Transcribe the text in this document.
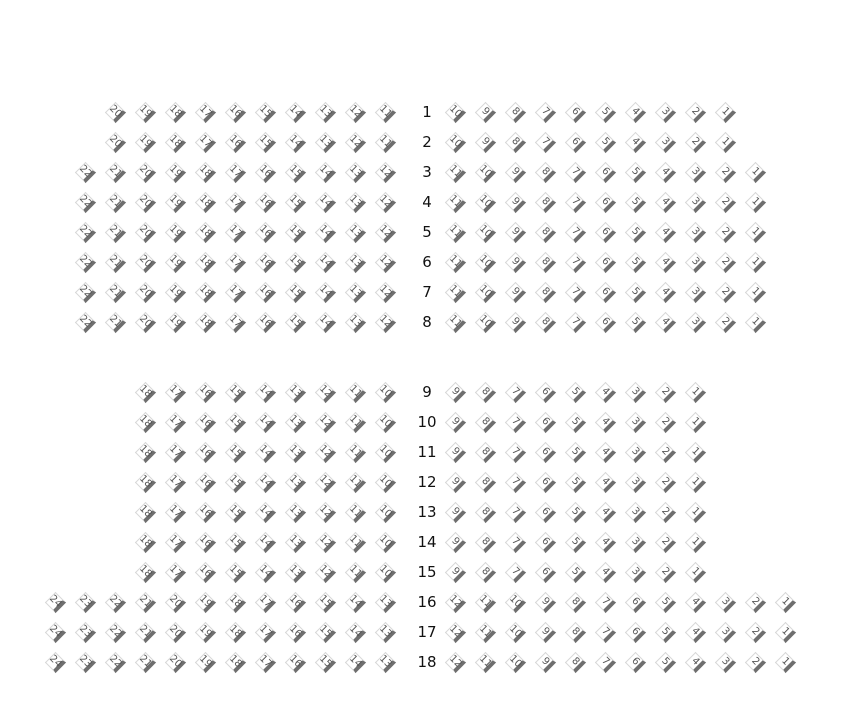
1
20	19	18	17	16	15	14	13	12	11	10	9	8	7	6	5	4	3	2	1
2
20	19	18	17	16	15	14	13	12	11	10	9	8	7	6	5	4	3	2	1
3
22	21	20	19	18	17	16	15	14	13	12	11	10	9	8	7	6	5	4	3	2	1
4
22	21	20	19	18	17	16	15	14	13	12	11	10	9	8	7	6	5	4	3	2	1
5
22	21	20	19	18	17	16	15	14	13	12	11	10	9	8	7	6	5	4	3	2	1
6
22	21	20	19	18	17	16	15	14	13	12	11	10	9	8	7	6	5	4	3	2	1
7
22	21	20	19	18	17	16	15	14	13	12	11	10	9	8	7	6	5	4	3	2	1
8
22	21	20	19	18	17	16	15	14	13	12	11	10	9	8	7	6	5	4	3	2	1
9
18	17	16	15	14	13	12	11	10	9	8	7	6	5	4	3	2	1
10
18	17	16	15	14	13	12	11	10	9	8	7	6	5	4	3	2	1
11
18	17	16	15	14	13	12	11	10	9	8	7	6	5	4	3	2	1
12
18	17	16	15	14	13	12	11	10	9	8	7	6	5	4	3	2	1
13
18	17	16	15	14	13	12	11	10	9	8	7	6	5	4	3	2	1
14
18	17	16	15	14	13	12	11	10	9	8	7	6	5	4	3	2	1
15
18	17	16	15	14	13	12	11	10	9	8	7	6	5	4	3	2	1
16
24	23	22	21	20	19	18	17	16	15	14	13	12	11	10	9	8	7	6	5	4	3	2	1
17
24	23	22	21	20	19	18	17	16	15	14	13	12	11	10	9	8	7	6	5	4	3	2	1
18
24	23	22	21	20	19	18	17	16	15	14	13	12	11	10	9	8	7	6	5	4	3	2	1
